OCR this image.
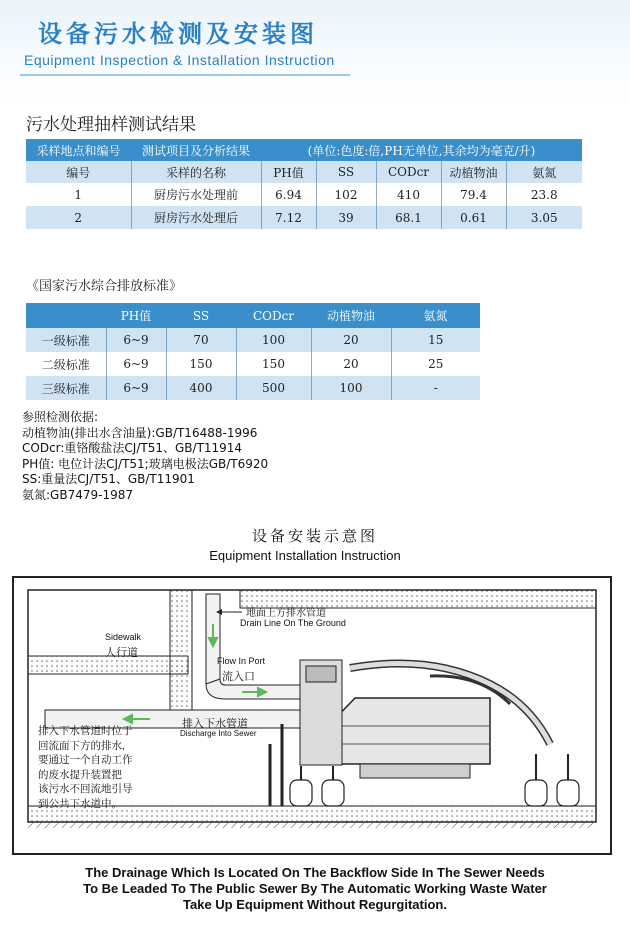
设备污水检测及安装图
Equipment Inspection & Installation Instruction
污水处理抽样测试结果
采样地点和编号	测试项目及分析结果	(单位:色度:倍,PH无单位,其余均为毫克/升)				
编号	采样的名称	PH值	SS	CODcr	动植物油	氨氮
1	厨房污水处理前	6.94	102	410	79.4	23.8
2	厨房污水处理后	7.12	39	68.1	0.61	3.05
《国家污水综合排放标准》
	PH值	SS	CODcr	动植物油	氨氮
一级标准	6~9	70	100	20	15
二级标准	6~9	150	150	20	25
三级标准	6~9	400	500	100	-
参照检测依据:
动植物油(排出水含油量):GB/T16488-1996
CODcr:重铬酸盐法CJ/T51、GB/T11914
PH值: 电位计法CJ/T51;玻璃电极法GB/T6920
SS:重量法CJ/T51、GB/T11901
氨氮:GB7479-1987
设备安装示意图
Equipment Installation Instruction
地面上方排水管道
Drain Line On The Ground
Sidewalk
人行道
Flow In Port
流入口
排入下水管道
Discharge Into Sewer
排入下水管道时位于
回流面下方的排水,
要通过一个自动工作
的废水提升装置把
该污水不回流地引导
到公共下水道中。
The Drainage Which Is Located On The Backflow Side In The Sewer Needs
To Be Leaded To The Public Sewer By The Automatic Working Waste Water
Take Up Equipment Without Regurgitation.
